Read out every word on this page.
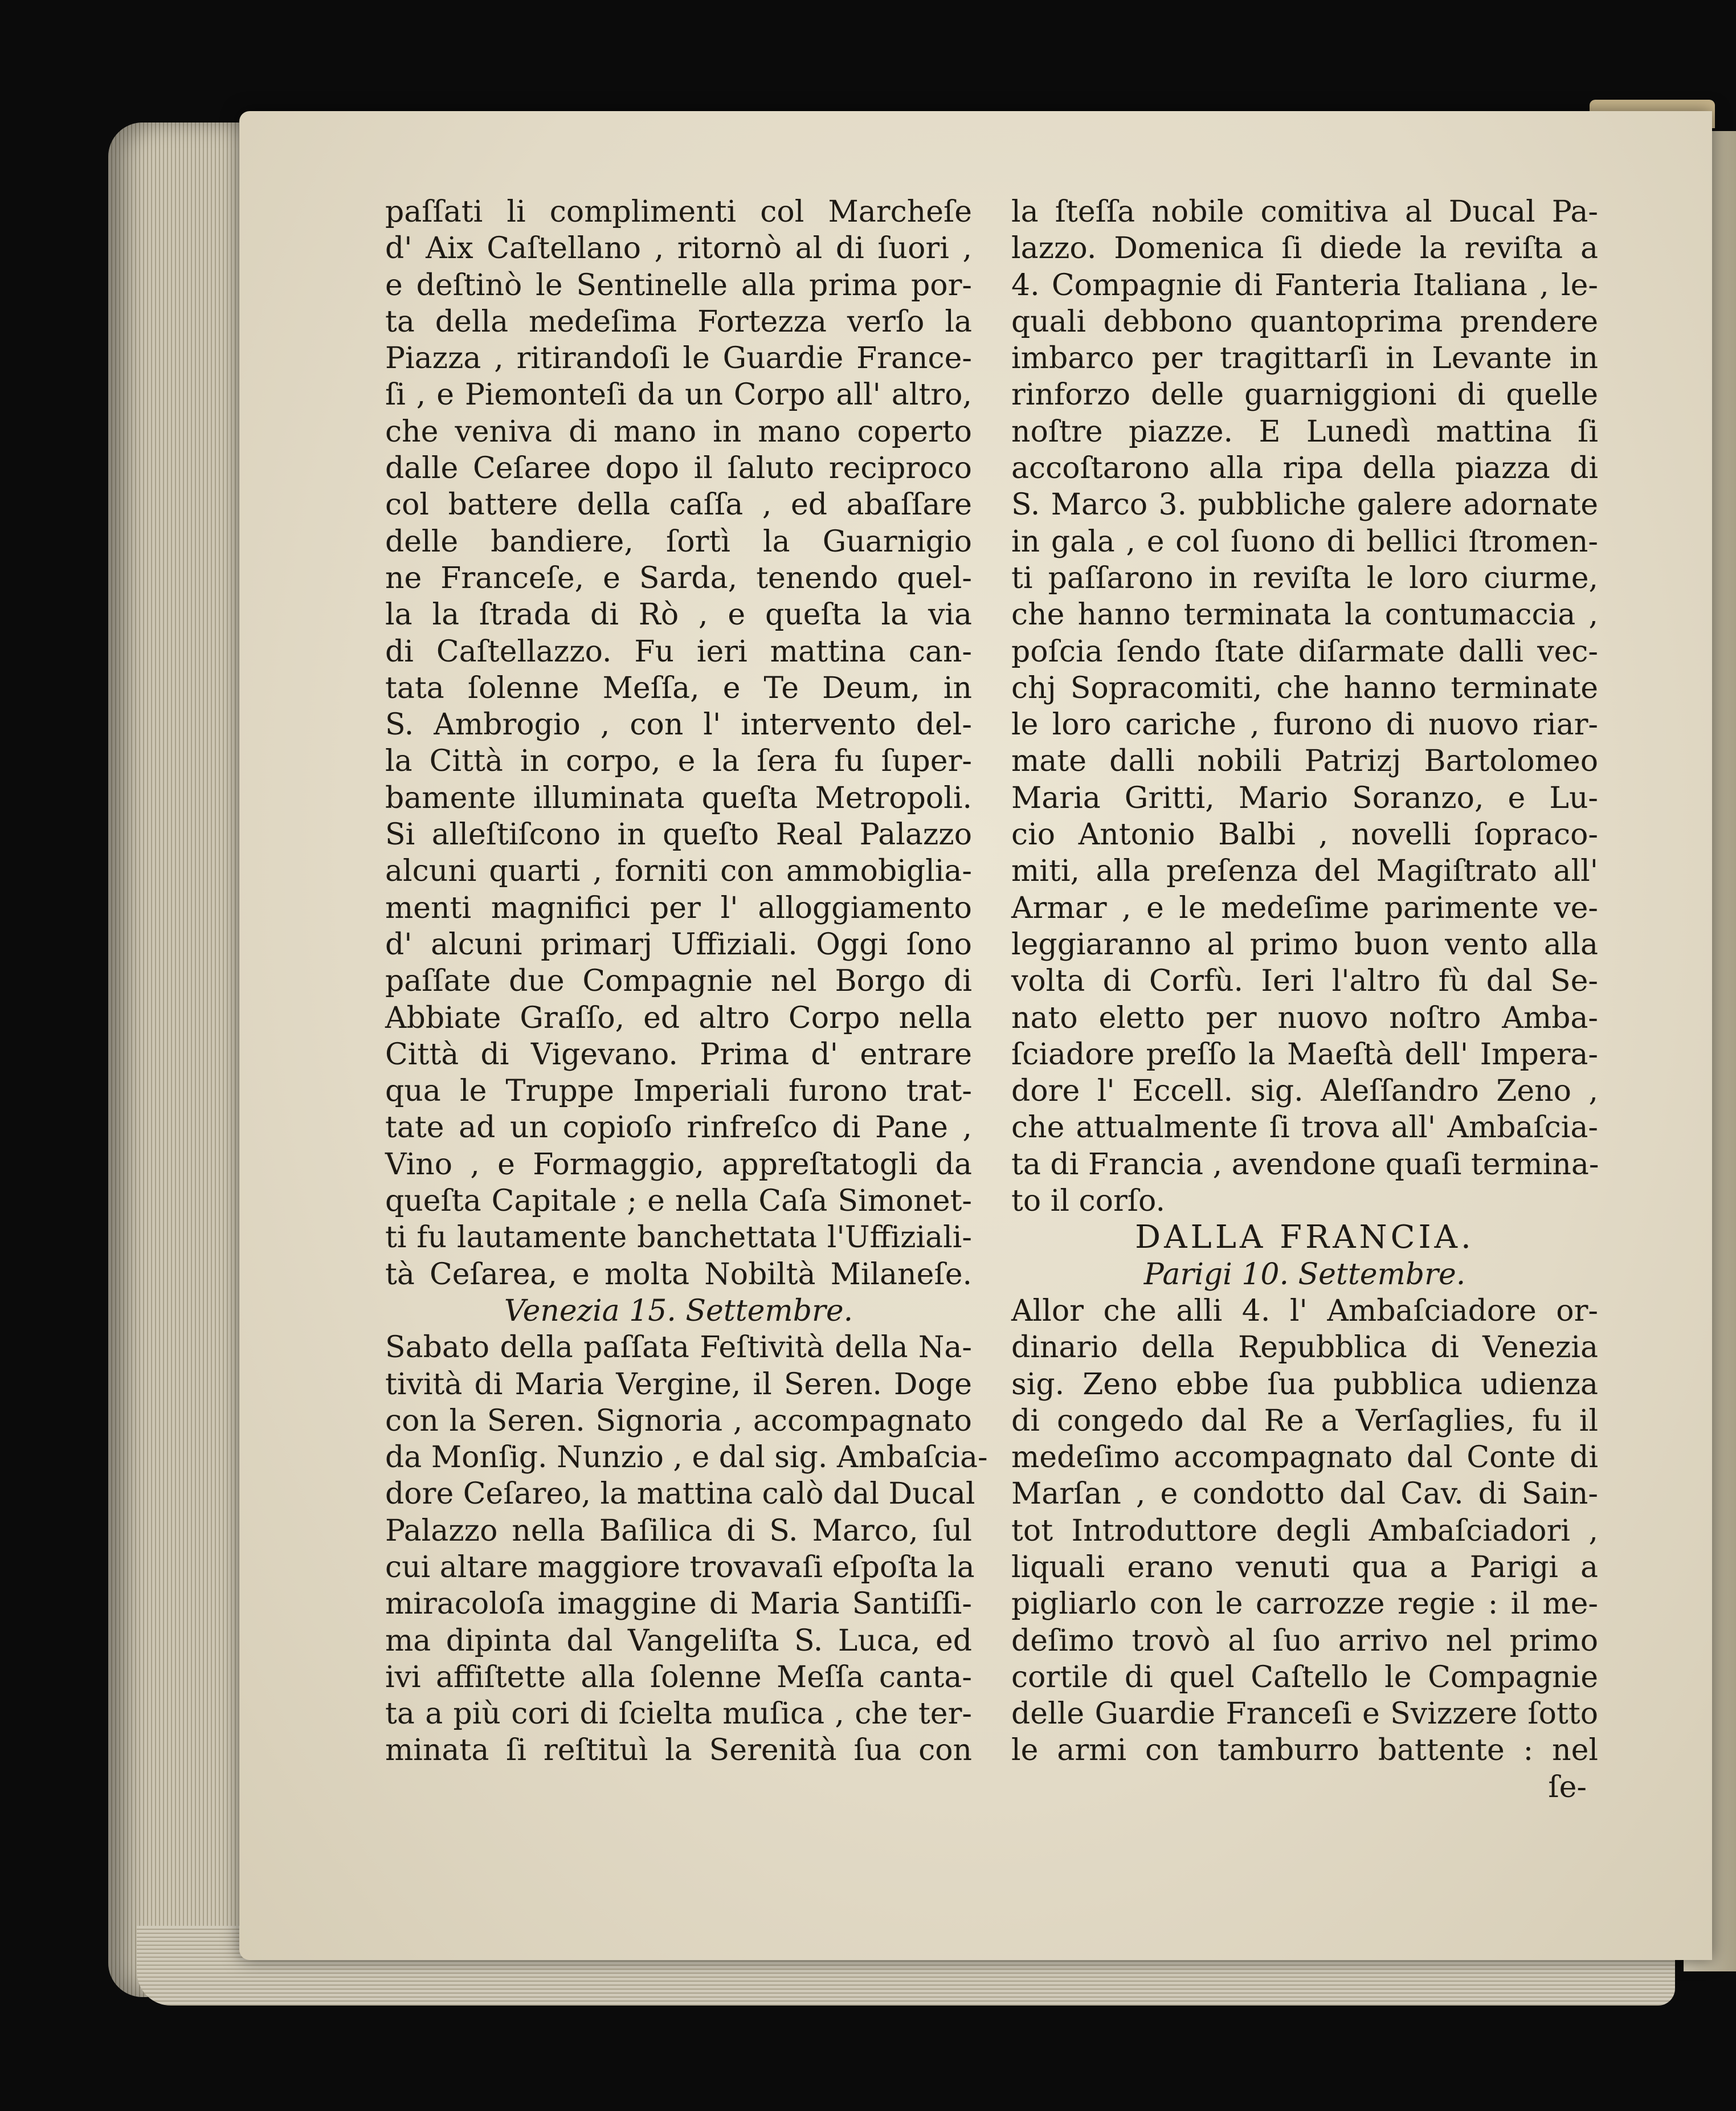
paſſati li complimenti col Marcheſe
d' Aix Caſtellano , ritornò al di ſuori ,
e deſtinò le Sentinelle alla prima por-
ta della medeſima Fortezza verſo la
Piazza , ritirandoſi le Guardie France-
ſi , e Piemonteſi da un Corpo all' altro,
che veniva di mano in mano coperto
dalle Ceſaree dopo il ſaluto reciproco
col battere della caſſa , ed abaſſare
delle bandiere, ſortì la Guarnigio
ne Franceſe, e Sarda, tenendo quel-
la la ſtrada di Rò , e queſta la via
di Caſtellazzo. Fu ieri mattina can-
tata ſolenne Meſſa, e Te Deum, in
S. Ambrogio , con l' intervento del-
la Città in corpo, e la ſera fu ſuper-
bamente illuminata queſta Metropoli.
Si alleſtiſcono in queſto Real Palazzo
alcuni quarti , forniti con ammobiglia-
menti magnifici per l' alloggiamento
d' alcuni primarj Uffiziali. Oggi ſono
paſſate due Compagnie nel Borgo di
Abbiate Graſſo, ed altro Corpo nella
Città di Vigevano. Prima d' entrare
qua le Truppe Imperiali furono trat-
tate ad un copioſo rinfreſco di Pane ,
Vino , e Formaggio, appreſtatogli da
queſta Capitale ; e nella Caſa Simonet-
ti fu lautamente banchettata l'Uffiziali-
tà Ceſarea, e molta Nobiltà Milaneſe.
Venezia 15. Settembre.
Sabato della paſſata Feſtività della Na-
tività di Maria Vergine, il Seren. Doge
con la Seren. Signoria , accompagnato
da Monſig. Nunzio , e dal sig. Ambaſcia-
dore Ceſareo, la mattina calò dal Ducal
Palazzo nella Baſilica di S. Marco, ſul
cui altare maggiore trovavaſi eſpoſta la
miracoloſa imaggine di Maria Santiſſi-
ma dipinta dal Vangeliſta S. Luca, ed
ivi affiſtette alla ſolenne Meſſa canta-
ta a più cori di ſcielta muſica , che ter-
minata ſi reſtituì la Serenità ſua con
la ſteſſa nobile comitiva al Ducal Pa-
lazzo. Domenica ſi diede la reviſta a
4. Compagnie di Fanteria Italiana , le-
quali debbono quantoprima prendere
imbarco per tragittarſi in Levante in
rinforzo delle guarniggioni di quelle
noſtre piazze. E Lunedì mattina ſi
accoſtarono alla ripa della piazza di
S. Marco 3. pubbliche galere adornate
in gala , e col ſuono di bellici ſtromen-
ti paſſarono in reviſta le loro ciurme,
che hanno terminata la contumaccia ,
poſcia ſendo ſtate diſarmate dalli vec-
chj Sopracomiti, che hanno terminate
le loro cariche , furono di nuovo riar-
mate dalli nobili Patrizj Bartolomeo
Maria Gritti, Mario Soranzo, e Lu-
cio Antonio Balbi , novelli ſopraco-
miti, alla preſenza del Magiſtrato all'
Armar , e le medeſime parimente ve-
leggiaranno al primo buon vento alla
volta di Corfù. Ieri l'altro fù dal Se-
nato eletto per nuovo noſtro Amba-
ſciadore preſſo la Maeſtà dell' Impera-
dore l' Eccell. sig. Aleſſandro Zeno ,
che attualmente ſi trova all' Ambaſcia-
ta di Francia , avendone quaſi termina-
to il corſo.
DALLA FRANCIA.
Parigi 10. Settembre.
Allor che alli 4. l' Ambaſciadore or-
dinario della Repubblica di Venezia
sig. Zeno ebbe ſua pubblica udienza
di congedo dal Re a Verſaglies, fu il
medeſimo accompagnato dal Conte di
Marſan , e condotto dal Cav. di Sain-
tot Introduttore degli Ambaſciadori ,
liquali erano venuti qua a Parigi a
pigliarlo con le carrozze regie : il me-
deſimo trovò al ſuo arrivo nel primo
cortile di quel Caſtello le Compagnie
delle Guardie Franceſi e Svizzere ſotto
le armi con tamburro battente : nel
ſe-
